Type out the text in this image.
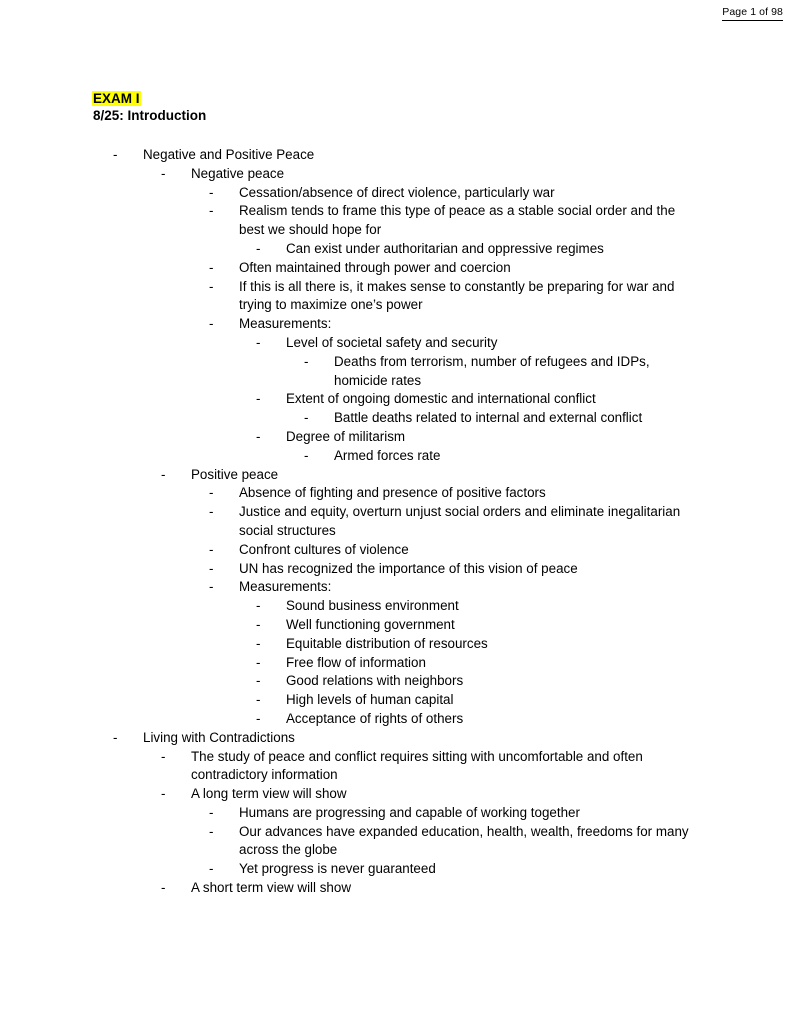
Page 1 of 98
EXAM I
8/25: Introduction
-	Negative and Positive Peace
-	Negative peace
-	Cessation/absence of direct violence, particularly war
-	Realism tends to frame this type of peace as a stable social order and the best we should hope for
-	Can exist under authoritarian and oppressive regimes
-	Often maintained through power and coercion
-	If this is all there is, it makes sense to constantly be preparing for war and trying to maximize one’s power
-	Measurements:
-	Level of societal safety and security
-	Deaths from terrorism, number of refugees and IDPs, homicide rates
-	Extent of ongoing domestic and international conflict
-	Battle deaths related to internal and external conflict
-	Degree of militarism
-	Armed forces rate
-	Positive peace
-	Absence of fighting and presence of positive factors
-	Justice and equity, overturn unjust social orders and eliminate inegalitarian social structures
-	Confront cultures of violence
-	UN has recognized the importance of this vision of peace
-	Measurements:
-	Sound business environment
-	Well functioning government
-	Equitable distribution of resources
-	Free flow of information
-	Good relations with neighbors
-	High levels of human capital
-	Acceptance of rights of others
-	Living with Contradictions
-	The study of peace and conflict requires sitting with uncomfortable and often contradictory information
-	A long term view will show
-	Humans are progressing and capable of working together
-	Our advances have expanded education, health, wealth, freedoms for many across the globe
-	Yet progress is never guaranteed
-	A short term view will show
